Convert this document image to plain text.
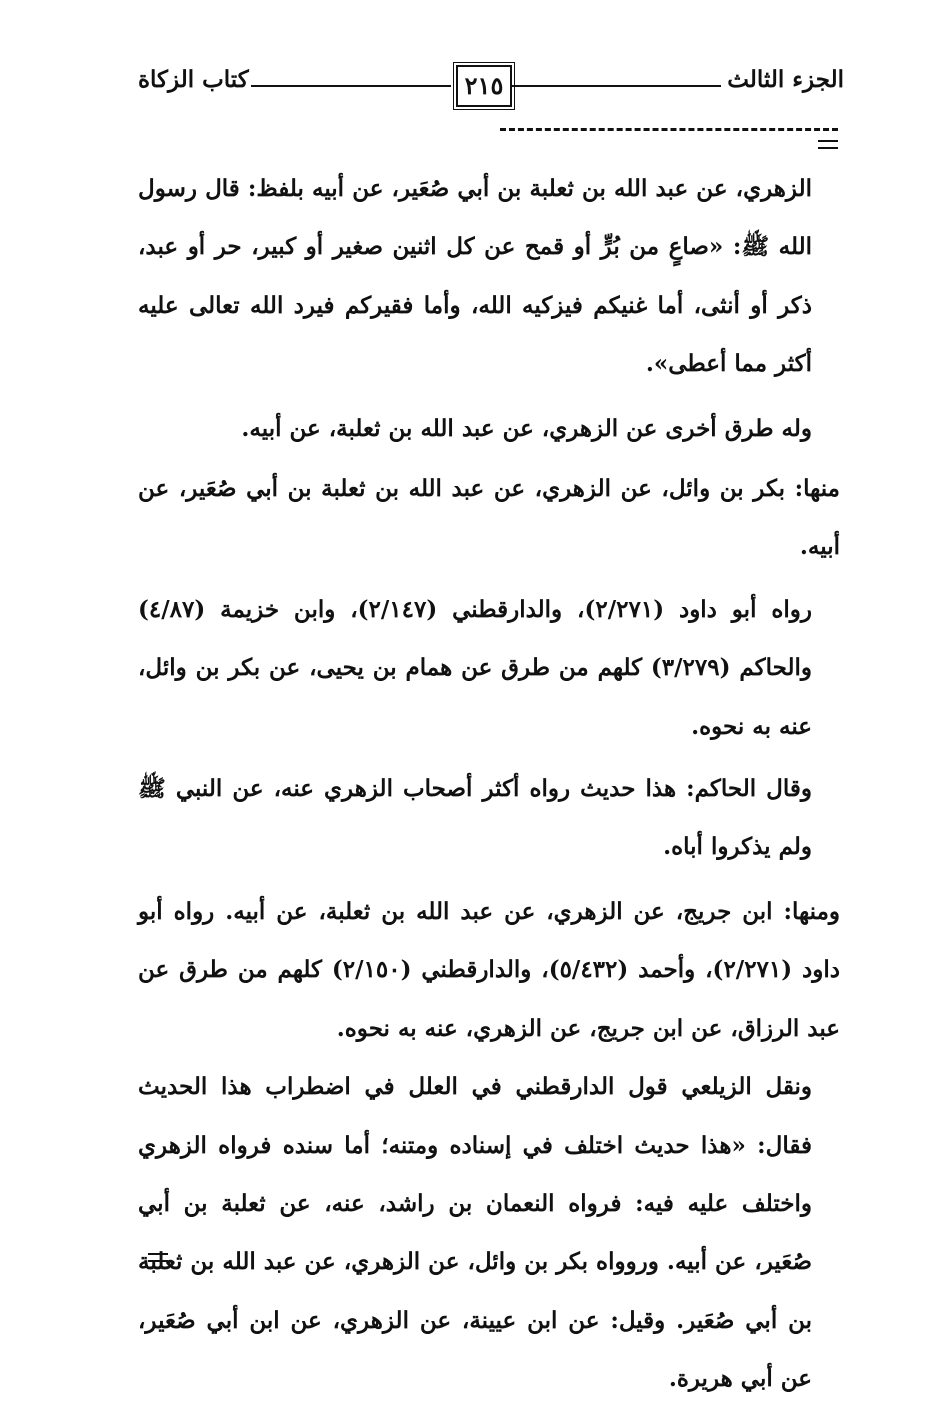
الجزء الثالث
٢١٥
كتاب الزكاة

الزهري، عن عبد الله بن ثعلبة بن أبي صُعَير، عن أبيه بلفظ: قال رسول الله ﷺ: «صاعٍ من بُرٍّ أو قمح عن كل اثنين صغير أو كبير، حر أو عبد، ذكر أو أنثى، أما غنيكم فيزكيه الله، وأما فقيركم فيرد الله تعالى عليه أكثر مما أعطى».

وله طرق أخرى عن الزهري، عن عبد الله بن ثعلبة، عن أبيه.

منها: بكر بن وائل، عن الزهري، عن عبد الله بن ثعلبة بن أبي صُعَير، عن أبيه.

رواه أبو داود (٢/٢٧١)، والدارقطني (٢/١٤٧)، وابن خزيمة (٤/٨٧) والحاكم (٣/٢٧٩) كلهم من طرق عن همام بن يحيى، عن بكر بن وائل، عنه به نحوه.

وقال الحاكم: هذا حديث رواه أكثر أصحاب الزهري عنه، عن النبي ﷺ ولم يذكروا أباه.

ومنها: ابن جريج، عن الزهري، عن عبد الله بن ثعلبة، عن أبيه. رواه أبو داود (٢/٢٧١)، وأحمد (٥/٤٣٢)، والدارقطني (٢/١٥٠) كلهم من طرق عن عبد الرزاق، عن ابن جريج، عن الزهري، عنه به نحوه.

ونقل الزيلعي قول الدارقطني في العلل في اضطراب هذا الحديث فقال: «هذا حديث اختلف في إسناده ومتنه؛ أما سنده فرواه الزهري واختلف عليه فيه: فرواه النعمان بن راشد، عنه، عن ثعلبة بن أبي صُعَير، عن أبيه. وروواه بكر بن وائل، عن الزهري، عن عبد الله بن ثعلبة بن أبي صُعَير. وقيل: عن ابن عيينة، عن الزهري، عن ابن أبي صُعَير، عن أبي هريرة.
